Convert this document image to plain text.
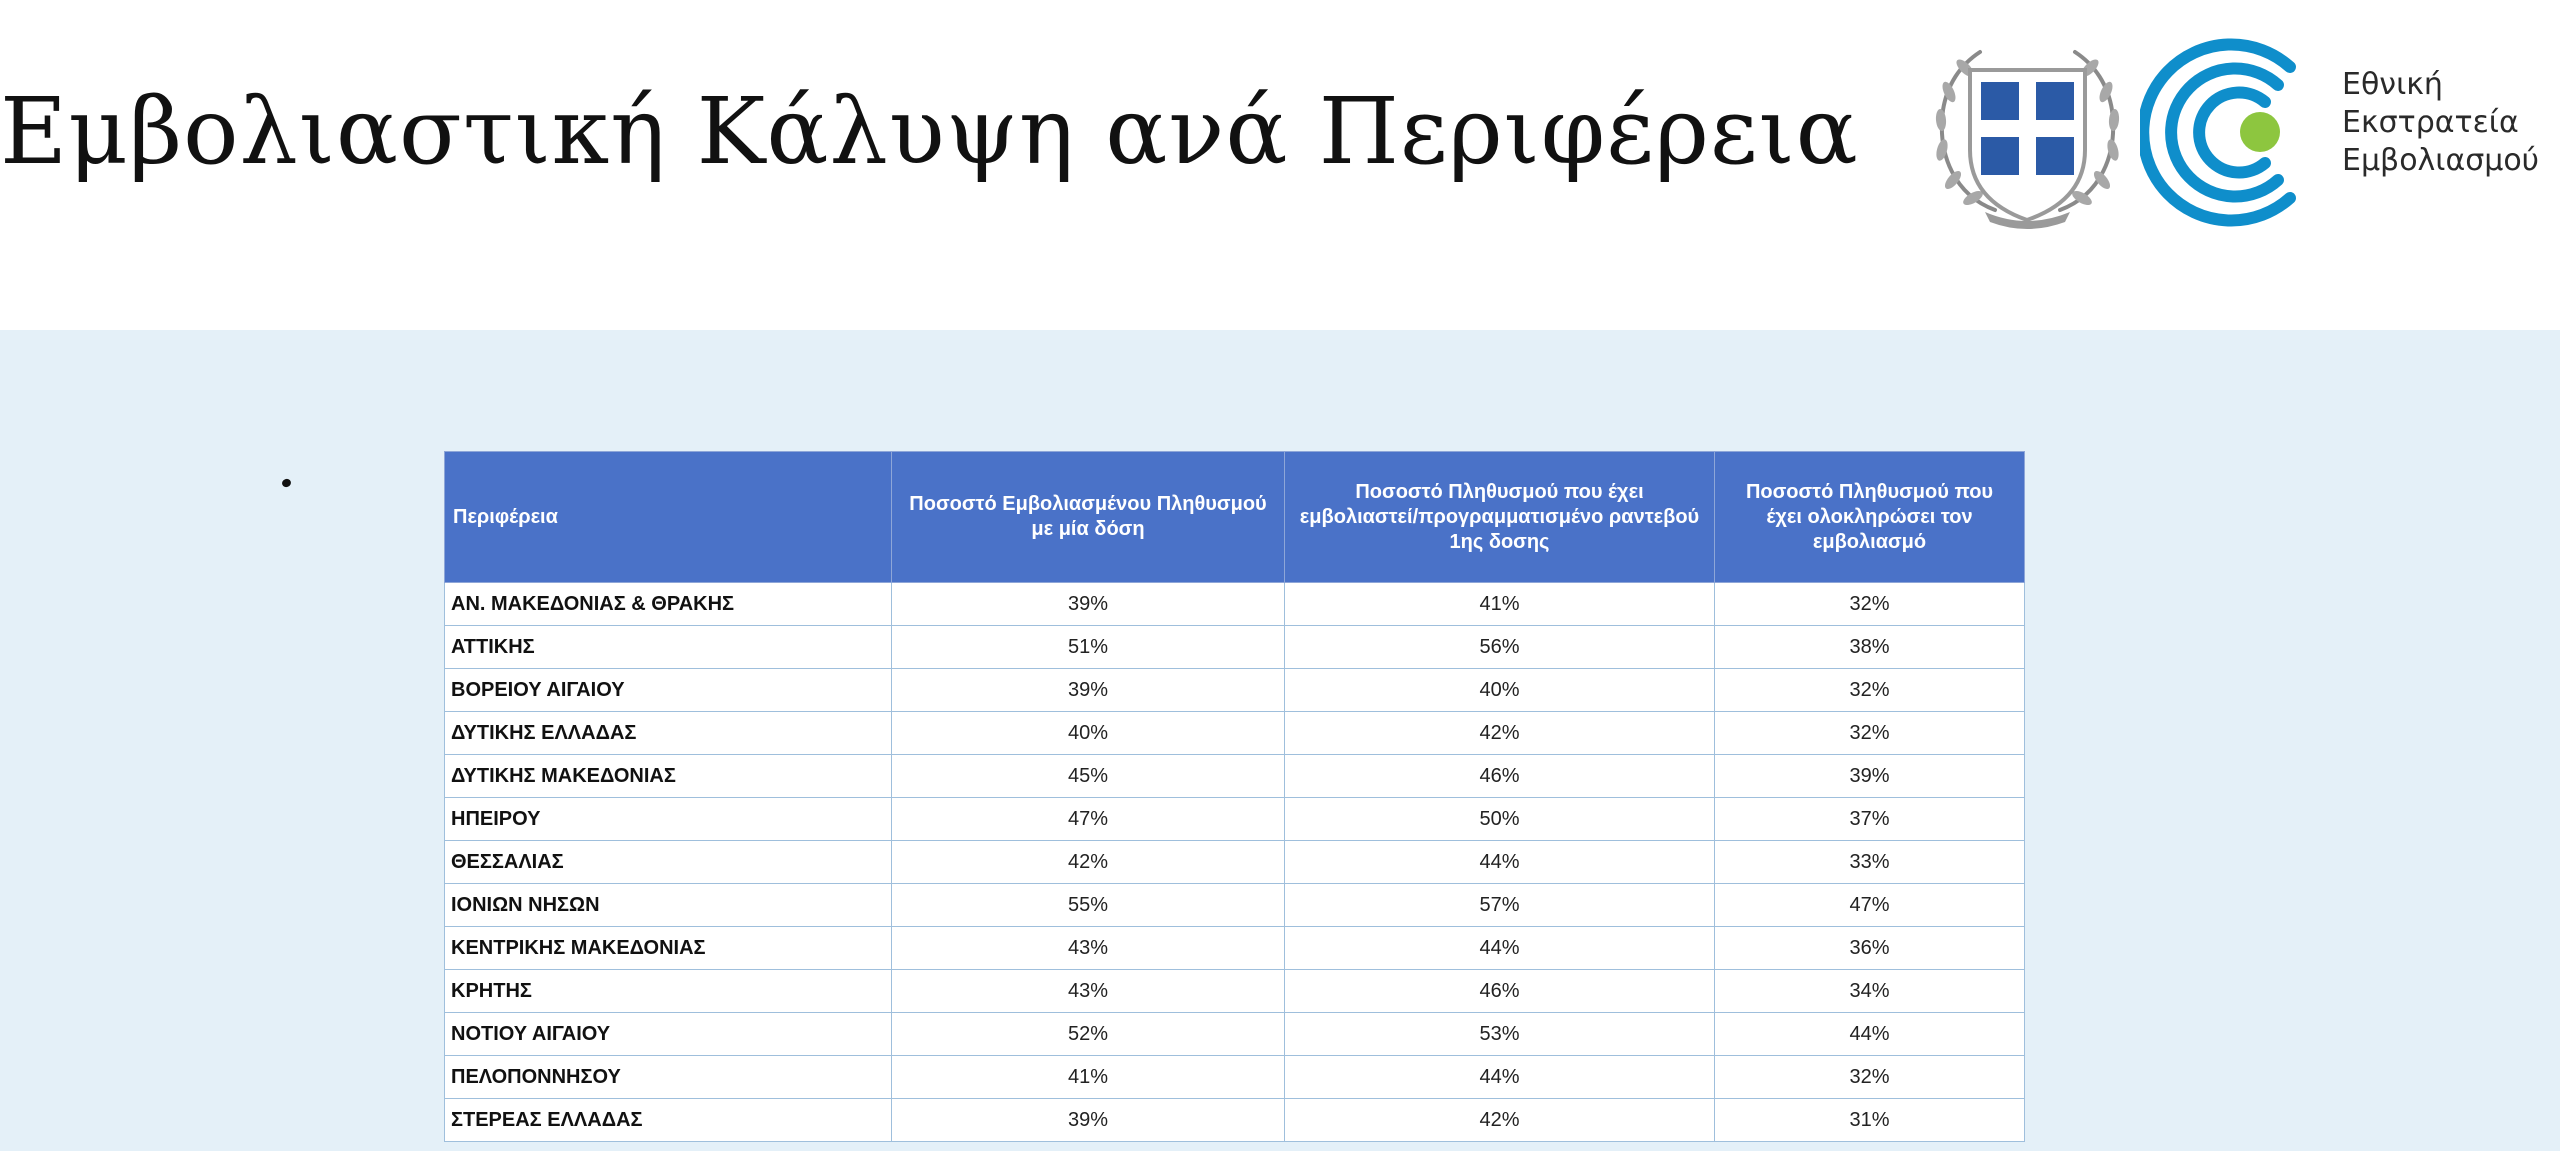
Εμβολιαστική Κάλυψη ανά Περιφέρεια	Εθνική
Εκστρατεία
Εμβολιασμού
Περιφέρεια	Ποσοστό Εμβολιασμένου Πληθυσμού με μία δόση	Ποσοστό Πληθυσμού που έχει εμβολιαστεί/προγραμματισμένο ραντεβού 1ης δοσης	Ποσοστό Πληθυσμού που έχει ολοκληρώσει τον εμβολιασμό
ΑΝ. ΜΑΚΕΔΟΝΙΑΣ & ΘΡΑΚΗΣ	39%	41%	32%
ΑΤΤΙΚΗΣ	51%	56%	38%
ΒΟΡΕΙΟΥ ΑΙΓΑΙΟΥ	39%	40%	32%
ΔΥΤΙΚΗΣ ΕΛΛΑΔΑΣ	40%	42%	32%
ΔΥΤΙΚΗΣ ΜΑΚΕΔΟΝΙΑΣ	45%	46%	39%
ΗΠΕΙΡΟΥ	47%	50%	37%
ΘΕΣΣΑΛΙΑΣ	42%	44%	33%
ΙΟΝΙΩΝ ΝΗΣΩΝ	55%	57%	47%
ΚΕΝΤΡΙΚΗΣ ΜΑΚΕΔΟΝΙΑΣ	43%	44%	36%
ΚΡΗΤΗΣ	43%	46%	34%
ΝΟΤΙΟΥ ΑΙΓΑΙΟΥ	52%	53%	44%
ΠΕΛΟΠΟΝΝΗΣΟΥ	41%	44%	32%
ΣΤΕΡΕΑΣ ΕΛΛΑΔΑΣ	39%	42%	31%
